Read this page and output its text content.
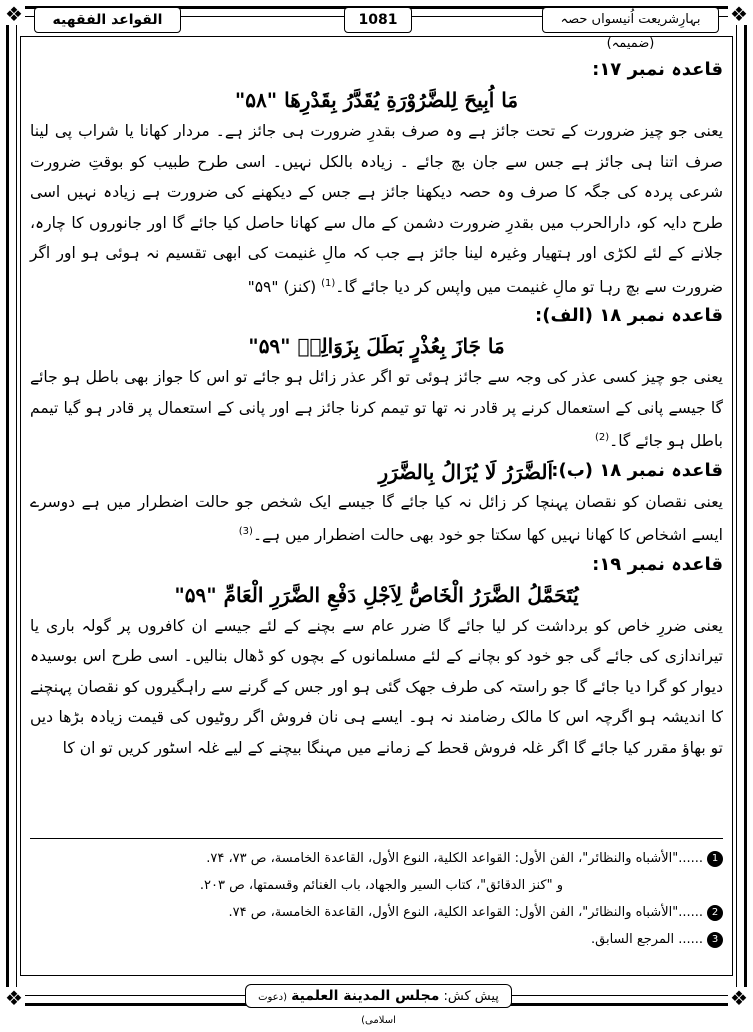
❖	❖
❖	❖
بہارِشریعت اُنیسواں حصہ (ضمیمہ)
1081
القواعد الفقهيه
قاعدہ نمبر ۱۷:
مَا اُبِيحَ لِلضَّرُوْرَةِ يُقَدَّرُ بِقَدْرِهَا "۵۸"

یعنی جو چیز ضرورت کے تحت جائز ہے وہ صرف بقدرِ ضرورت ہی جائز ہے۔ مردار کھانا یا شراب پی لینا صرف اتنا ہی جائز ہے جس سے جان بچ جائے ۔ زیادہ بالکل نہیں۔ اسی طرح طبیب کو بوقتِ ضرورت شرعی پردہ کی جگہ کا صرف وہ حصہ دیکھنا جائز ہے جس کے دیکھنے کی ضرورت ہے زیادہ نہیں اسی طرح دایہ کو، دارالحرب میں بقدرِ ضرورت دشمن کے مال سے کھانا حاصل کیا جائے گا اور جانوروں کا چارہ، جلانے کے لئے لکڑی اور ہتھیار وغیرہ لینا جائز ہے جب کہ مالِ غنیمت کی ابھی تقسیم نہ ہوئی ہو اور اگر ضرورت سے بچ رہا تو مالِ غنیمت میں واپس کر دیا جائے گا۔$^{(1)}$ (کنز) "۵۹"

قاعدہ نمبر ۱۸ (الف):
مَا جَازَ بِعُذْرٍ بَطَلَ بِزَوَالِهٖ "۵۹"

یعنی جو چیز کسی عذر کی وجہ سے جائز ہوئی تو اگر عذر زائل ہو جائے تو اس کا جواز بھی باطل ہو جائے گا جیسے پانی کے استعمال کرنے پر قادر نہ تھا تو تیمم کرنا جائز ہے اور پانی کے استعمال پر قادر ہو گیا تیمم باطل ہو جائے گا۔$^{(2)}$

قاعدہ نمبر ۱۸ (ب):
اَلضَّرَرُ لَا يُزَالُ بِالضَّرَرِ

یعنی نقصان کو نقصان پہنچا کر زائل نہ کیا جائے گا جیسے ایک شخص جو حالت اضطرار میں ہے دوسرے ایسے اشخاص کا کھانا نہیں کھا سکتا جو خود بھی حالت اضطرار میں ہے۔$^{(3)}$

قاعدہ نمبر ۱۹:
يُتَحَمَّلُ الضَّرَرُ الْخَاصُّ لِاَجْلِ دَفْعِ الضَّرَرِ الْعَامِّ "۵۹"

یعنی ضررِ خاص کو برداشت کر لیا جائے گا ضرر عام سے بچنے کے لئے جیسے ان کافروں پر گولہ باری یا تیراندازی کی جائے گی جو خود کو بچانے کے لئے مسلمانوں کے بچوں کو ڈھال بنالیں۔ اسی طرح اس بوسیدہ دیوار کو گرا دیا جائے گا جو راستہ کی طرف جھک گئی ہو اور جس کے گرنے سے راہگیروں کو نقصان پہنچنے کا اندیشہ ہو اگرچہ اس کا مالک رضامند نہ ہو۔ ایسے ہی نان فروش اگر روٹیوں کی قیمت زیادہ بڑھا دیں تو بھاؤ مقرر کیا جائے گا اگر غلہ فروش قحط کے زمانے میں مہنگا بیچنے کے لیے غلہ اسٹور کریں تو ان کا

1......"الأشباه والنظائر"، الفن الأول: القواعد الكلية، النوع الأول، القاعدة الخامسة، ص ۷۳، ۷۴.
و "كنز الدقائق"، كتاب السير والجهاد، باب الغنائم وقسمتها، ص ۲۰۳.
2......"الأشباه والنظائر"، الفن الأول: القواعد الكلية، النوع الأول، القاعدة الخامسة، ص ۷۴.
3...... المرجع السابق.
پیش کش: مجلس المدينة العلمية (دعوت اسلامی)
